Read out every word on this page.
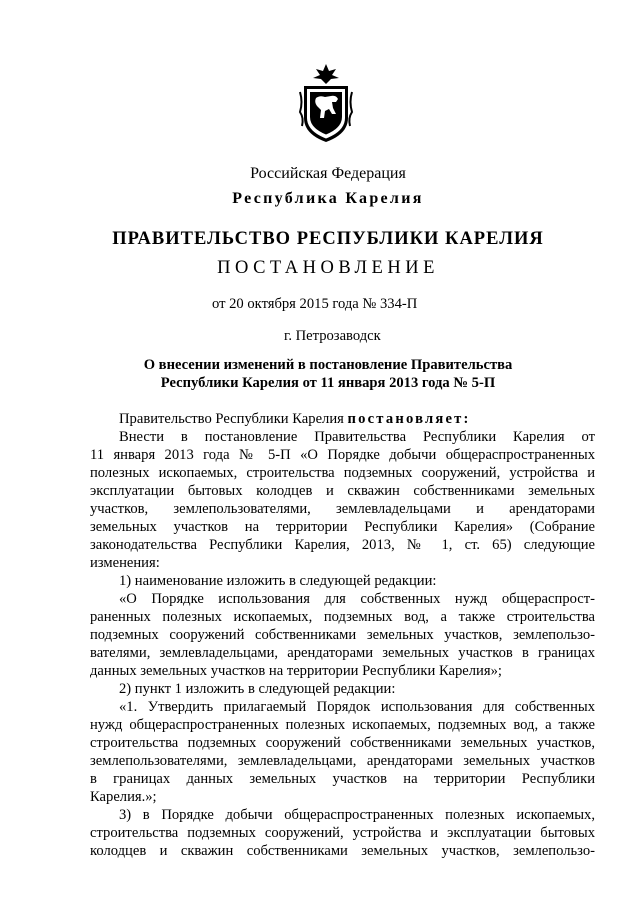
Российская Федерация
Республика Карелия
ПРАВИТЕЛЬСТВО РЕСПУБЛИКИ КАРЕЛИЯ
ПОСТАНОВЛЕНИЕ
от 20 октября 2015 года № 334-П
г. Петрозаводск
О внесении изменений в постановление Правительства
Республики Карелия от 11 января 2013 года № 5-П

Правительство Республики Карелия постановляет:

Внести в постановление Правительства Республики Карелия от

11 января 2013 года № 5-П «О Порядке добычи общераспространенных

полезных ископаемых, строительства подземных сооружений, устройства и

эксплуатации бытовых колодцев и скважин собственниками земельных

участков, землепользователями, землевладельцами и арендаторами

земельных участков на территории Республики Карелия» (Собрание

законодательства Республики Карелия, 2013, № 1, ст. 65) следующие

изменения:

1) наименование изложить в следующей редакции:

«О Порядке использования для собственных нужд общераспрост-

раненных полезных ископаемых, подземных вод, а также строительства

подземных сооружений собственниками земельных участков, землепользо-

вателями, землевладельцами, арендаторами земельных участков в границах

данных земельных участков на территории Республики Карелия»;

2) пункт 1 изложить в следующей редакции:

«1. Утвердить прилагаемый Порядок использования для собственных

нужд общераспространенных полезных ископаемых, подземных вод, а также

строительства подземных сооружений собственниками земельных участков,

землепользователями, землевладельцами, арендаторами земельных участков

в границах данных земельных участков на территории Республики

Карелия.»;

3) в Порядке добычи общераспространенных полезных ископаемых,

строительства подземных сооружений, устройства и эксплуатации бытовых

колодцев и скважин собственниками земельных участков, землепользо-
